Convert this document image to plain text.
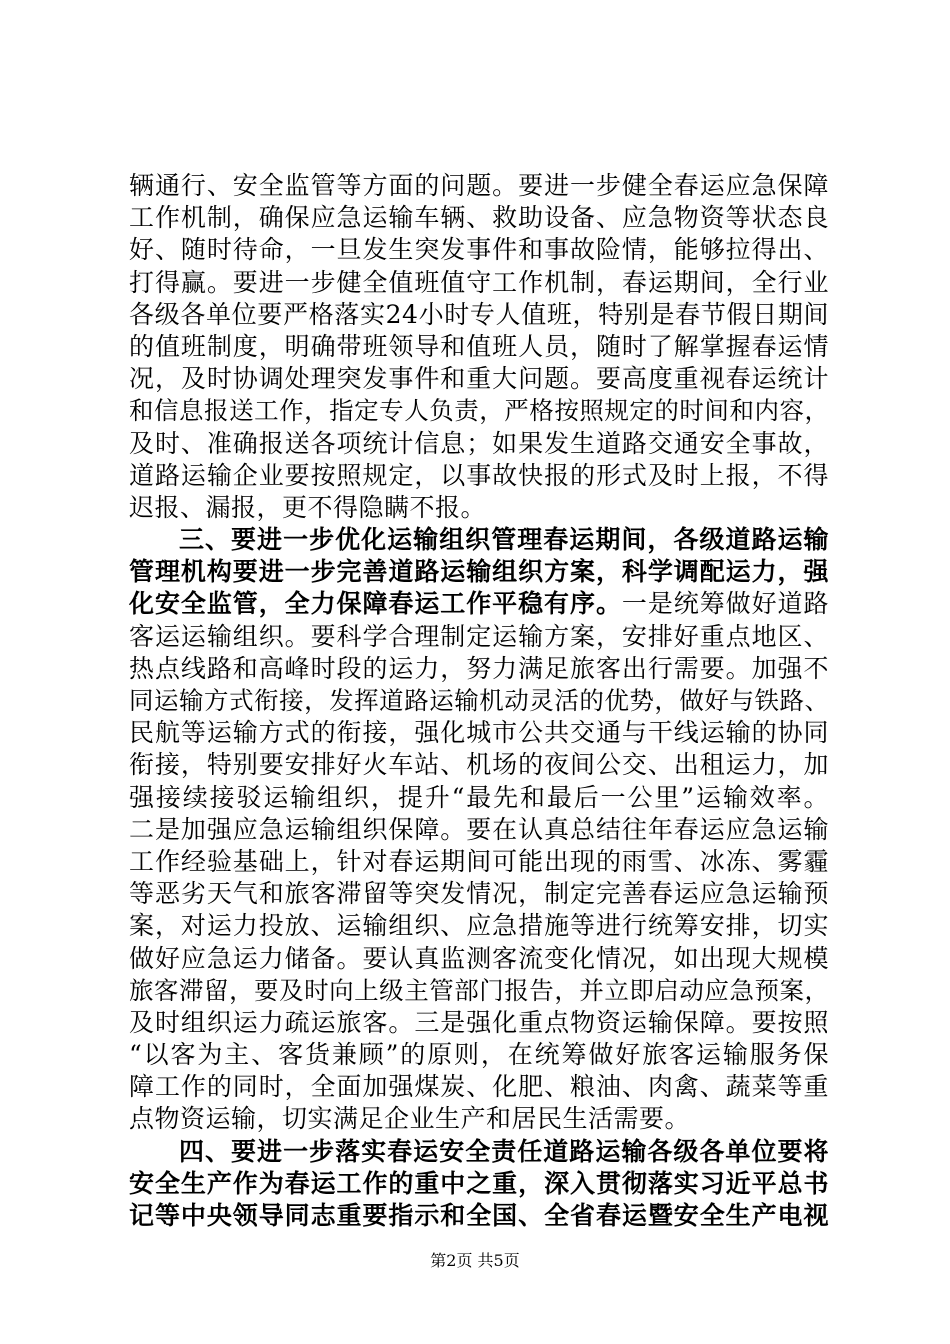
辆通行、安全监管等方面的问题。要进一步健全春运应急保障
工作机制，确保应急运输车辆、救助设备、应急物资等状态良
好、随时待命，一旦发生突发事件和事故险情，能够拉得出、
打得赢。要进一步健全值班值守工作机制，春运期间，全行业
各级各单位要严格落实24小时专人值班，特别是春节假日期间
的值班制度，明确带班领导和值班人员，随时了解掌握春运情
况，及时协调处理突发事件和重大问题。要高度重视春运统计
和信息报送工作，指定专人负责，严格按照规定的时间和内容，
及时、准确报送各项统计信息；如果发生道路交通安全事故，
道路运输企业要按照规定，以事故快报的形式及时上报，不得
迟报、漏报，更不得隐瞒不报。
三、要进一步优化运输组织管理春运期间，各级道路运输
管理机构要进一步完善道路运输组织方案，科学调配运力，强
化安全监管，全力保障春运工作平稳有序。一是统筹做好道路
客运运输组织。要科学合理制定运输方案，安排好重点地区、
热点线路和高峰时段的运力，努力满足旅客出行需要。加强不
同运输方式衔接，发挥道路运输机动灵活的优势，做好与铁路、
民航等运输方式的衔接，强化城市公共交通与干线运输的协同
衔接，特别要安排好火车站、机场的夜间公交、出租运力，加
强接续接驳运输组织，提升“最先和最后一公里”运输效率。
二是加强应急运输组织保障。要在认真总结往年春运应急运输
工作经验基础上，针对春运期间可能出现的雨雪、冰冻、雾霾
等恶劣天气和旅客滞留等突发情况，制定完善春运应急运输预
案，对运力投放、运输组织、应急措施等进行统筹安排，切实
做好应急运力储备。要认真监测客流变化情况，如出现大规模
旅客滞留，要及时向上级主管部门报告，并立即启动应急预案，
及时组织运力疏运旅客。三是强化重点物资运输保障。要按照
“以客为主、客货兼顾”的原则，在统筹做好旅客运输服务保
障工作的同时，全面加强煤炭、化肥、粮油、肉禽、蔬菜等重
点物资运输，切实满足企业生产和居民生活需要。
四、要进一步落实春运安全责任道路运输各级各单位要将
安全生产作为春运工作的重中之重，深入贯彻落实习近平总书
记等中央领导同志重要指示和全国、全省春运暨安全生产电视
第2页 共5页
